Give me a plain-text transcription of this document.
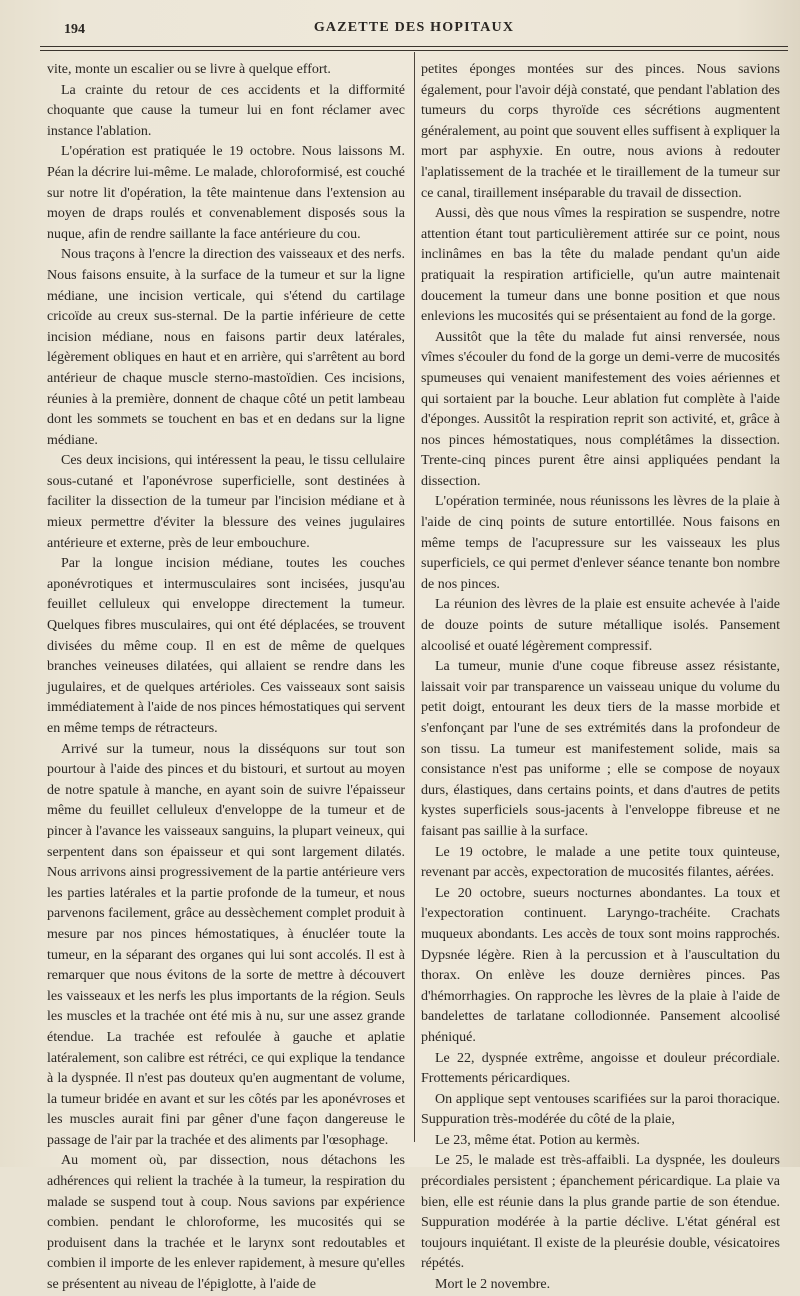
194	GAZETTE DES HOPITAUX

vite, monte un escalier ou se livre à quelque effort.

La crainte du retour de ces accidents et la difformité choquante que cause la tumeur lui en font réclamer avec instance l'ablation.

L'opération est pratiquée le 19 octobre. Nous laissons M. Péan la décrire lui-même. Le malade, chloroformisé, est couché sur notre lit d'opération, la tête maintenue dans l'extension au moyen de draps roulés et convenablement disposés sous la nuque, afin de rendre saillante la face antérieure du cou.

Nous traçons à l'encre la direction des vaisseaux et des nerfs. Nous faisons ensuite, à la surface de la tumeur et sur la ligne médiane, une incision verticale, qui s'étend du cartilage cricoïde au creux sus-sternal. De la partie inférieure de cette incision médiane, nous en faisons partir deux latérales, légèrement obliques en haut et en arrière, qui s'arrêtent au bord antérieur de chaque muscle sterno-mastoïdien. Ces incisions, réunies à la première, donnent de chaque côté un petit lambeau dont les sommets se touchent en bas et en dedans sur la ligne médiane.

Ces deux incisions, qui intéressent la peau, le tissu cellulaire sous-cutané et l'aponévrose superficielle, sont destinées à faciliter la dissection de la tumeur par l'incision médiane et à mieux permettre d'éviter la blessure des veines jugulaires antérieure et externe, près de leur embouchure.

Par la longue incision médiane, toutes les couches aponévrotiques et intermusculaires sont incisées, jusqu'au feuillet celluleux qui enveloppe directement la tumeur. Quelques fibres musculaires, qui ont été déplacées, se trouvent divisées du même coup. Il en est de même de quelques branches veineuses dilatées, qui allaient se rendre dans les jugulaires, et de quelques artérioles. Ces vaisseaux sont saisis immédiatement à l'aide de nos pinces hémostatiques qui servent en même temps de rétracteurs.

Arrivé sur la tumeur, nous la disséquons sur tout son pourtour à l'aide des pinces et du bistouri, et surtout au moyen de notre spatule à manche, en ayant soin de suivre l'épaisseur même du feuillet celluleux d'enveloppe de la tumeur et de pincer à l'avance les vaisseaux sanguins, la plupart veineux, qui serpentent dans son épaisseur et qui sont largement dilatés. Nous arrivons ainsi progressivement de la partie antérieure vers les parties latérales et la partie profonde de la tumeur, et nous parvenons facilement, grâce au dessèchement complet produit à mesure par nos pinces hémostatiques, à énucléer toute la tumeur, en la séparant des organes qui lui sont accolés. Il est à remarquer que nous évitons de la sorte de mettre à découvert les vaisseaux et les nerfs les plus importants de la région. Seuls les muscles et la trachée ont été mis à nu, sur une assez grande étendue. La trachée est refoulée à gauche et aplatie latéralement, son calibre est rétréci, ce qui explique la tendance à la dyspnée. Il n'est pas douteux qu'en augmentant de volume, la tumeur bridée en avant et sur les côtés par les aponévroses et les muscles aurait fini par gêner d'une façon dangereuse le passage de l'air par la trachée et des aliments par l'œsophage.

Au moment où, par dissection, nous détachons les adhérences qui relient la trachée à la tumeur, la respiration du malade se suspend tout à coup. Nous savions par expérience combien. pendant le chloroforme, les mucosités qui se produisent dans la trachée et le larynx sont redoutables et combien il importe de les enlever rapidement, à mesure qu'elles se présentent au niveau de l'épiglotte, à l'aide de

petites éponges montées sur des pinces. Nous savions également, pour l'avoir déjà constaté, que pendant l'ablation des tumeurs du corps thyroïde ces sécrétions augmentent généralement, au point que souvent elles suffisent à expliquer la mort par asphyxie. En outre, nous avions à redouter l'aplatissement de la trachée et le tiraillement de la tumeur sur ce canal, tiraillement inséparable du travail de dissection.

Aussi, dès que nous vîmes la respiration se suspendre, notre attention étant tout particulièrement attirée sur ce point, nous inclinâmes en bas la tête du malade pendant qu'un aide pratiquait la respiration artificielle, qu'un autre maintenait doucement la tumeur dans une bonne position et que nous enlevions les mucosités qui se présentaient au fond de la gorge.

Aussitôt que la tête du malade fut ainsi renversée, nous vîmes s'écouler du fond de la gorge un demi-verre de mucosités spumeuses qui venaient manifestement des voies aériennes et qui sortaient par la bouche. Leur ablation fut complète à l'aide d'éponges. Aussitôt la respiration reprit son activité, et, grâce à nos pinces hémostatiques, nous complétâmes la dissection. Trente-cinq pinces purent être ainsi appliquées pendant la dissection.

L'opération terminée, nous réunissons les lèvres de la plaie à l'aide de cinq points de suture entortillée. Nous faisons en même temps de l'acupressure sur les vaisseaux les plus superficiels, ce qui permet d'enlever séance tenante bon nombre de nos pinces.

La réunion des lèvres de la plaie est ensuite achevée à l'aide de douze points de suture métallique isolés. Pansement alcoolisé et ouaté légèrement compressif.

La tumeur, munie d'une coque fibreuse assez résistante, laissait voir par transparence un vaisseau unique du volume du petit doigt, entourant les deux tiers de la masse morbide et s'enfonçant par l'une de ses extrémités dans la profondeur de son tissu. La tumeur est manifestement solide, mais sa consistance n'est pas uniforme ; elle se compose de noyaux durs, élastiques, dans certains points, et dans d'autres de petits kystes superficiels sous-jacents à l'enveloppe fibreuse et ne faisant pas saillie à la surface.

Le 19 octobre, le malade a une petite toux quinteuse, revenant par accès, expectoration de mucosités filantes, aérées.

Le 20 octobre, sueurs nocturnes abondantes. La toux et l'expectoration continuent. Laryngo-trachéite. Crachats muqueux abondants. Les accès de toux sont moins rapprochés. Dypsnée légère. Rien à la percussion et à l'auscultation du thorax. On enlève les douze dernières pinces. Pas d'hémorrhagies. On rapproche les lèvres de la plaie à l'aide de bandelettes de tarlatane collodionnée. Pansement alcoolisé phéniqué.

Le 22, dyspnée extrême, angoisse et douleur précordiale. Frottements péricardiques.

On applique sept ventouses scarifiées sur la paroi thoracique. Suppuration très-modérée du côté de la plaie,

Le 23, même état. Potion au kermès.

Le 25, le malade est très-affaibli. La dyspnée, les douleurs précordiales persistent ; épanchement péricardique. La plaie va bien, elle est réunie dans la plus grande partie de son étendue. Suppuration modérée à la partie déclive. L'état général est toujours inquiétant. Il existe de la pleurésie double, vésicatoires répétés.

Mort le 2 novembre.
